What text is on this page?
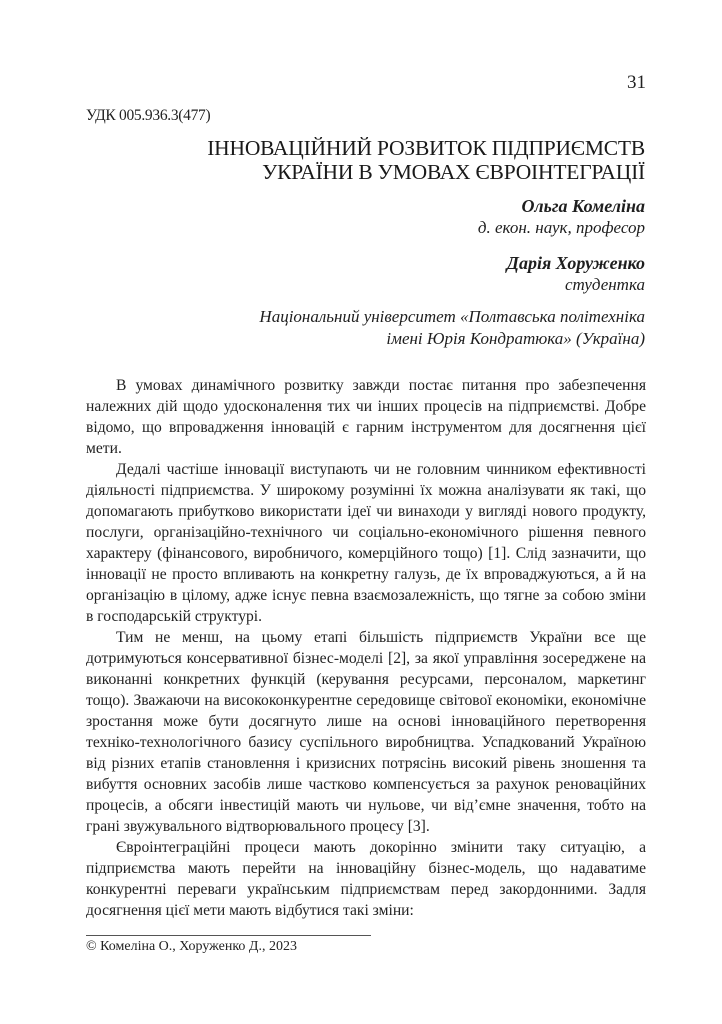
31
УДК 005.936.3(477)
ІННОВАЦІЙНИЙ РОЗВИТОК ПІДПРИЄМСТВ
УКРАЇНИ В УМОВАХ ЄВРОІНТЕГРАЦІЇ
Ольга Комеліна
д. екон. наук, професор
Дарія Хоруженко
студентка
Національний університет «Полтавська політехніка
імені Юрія Кондратюка» (Україна)

В умовах динамічного розвитку завжди постає питання про забезпечення належних дій щодо удосконалення тих чи інших процесів на підприємстві. Добре відомо, що впровадження інновацій є гарним інструментом для досягнення цієї мети.

Дедалі частіше інновації виступають чи не головним чинником ефективності діяльності підприємства. У широкому розумінні їх можна аналізувати як такі, що допомагають прибутково використати ідеї чи винаходи у вигляді нового продукту, послуги, організаційно-технічного чи соціально-економічного рішення певного характеру (фінансового, виробничого, комерційного тощо) [1]. Слід зазначити, що інновації не просто впливають на конкретну галузь, де їх впроваджуються, а й на організацію в цілому, адже існує певна взаємозалежність, що тягне за собою зміни в господарській структурі.

Тим не менш, на цьому етапі більшість підприємств України все ще дотримуються консервативної бізнес-моделі [2], за якої управління зосереджене на виконанні конкретних функцій (керування ресурсами, персоналом, маркетинг тощо). Зважаючи на висококонкурентне середовище світової економіки, економічне зростання може бути досягнуто лише на основі інноваційного перетворення техніко-технологічного базису суспільного виробництва. Успадкований Україною від різних етапів становлення і кризисних потрясінь високий рівень зношення та вибуття основних засобів лише частково компенсується за рахунок реноваційних процесів, а обсяги інвестицій мають чи нульове, чи від’ємне значення, тобто на грані звужувального відтворювального процесу [3].

Євроінтеграційні процеси мають докорінно змінити таку ситуацію, а підприємства мають перейти на інноваційну бізнес-модель, що надаватиме конкурентні переваги українським підприємствам перед закордонними. Задля досягнення цієї мети мають відбутися такі зміни:

© Комеліна О., Хоруженко Д., 2023
